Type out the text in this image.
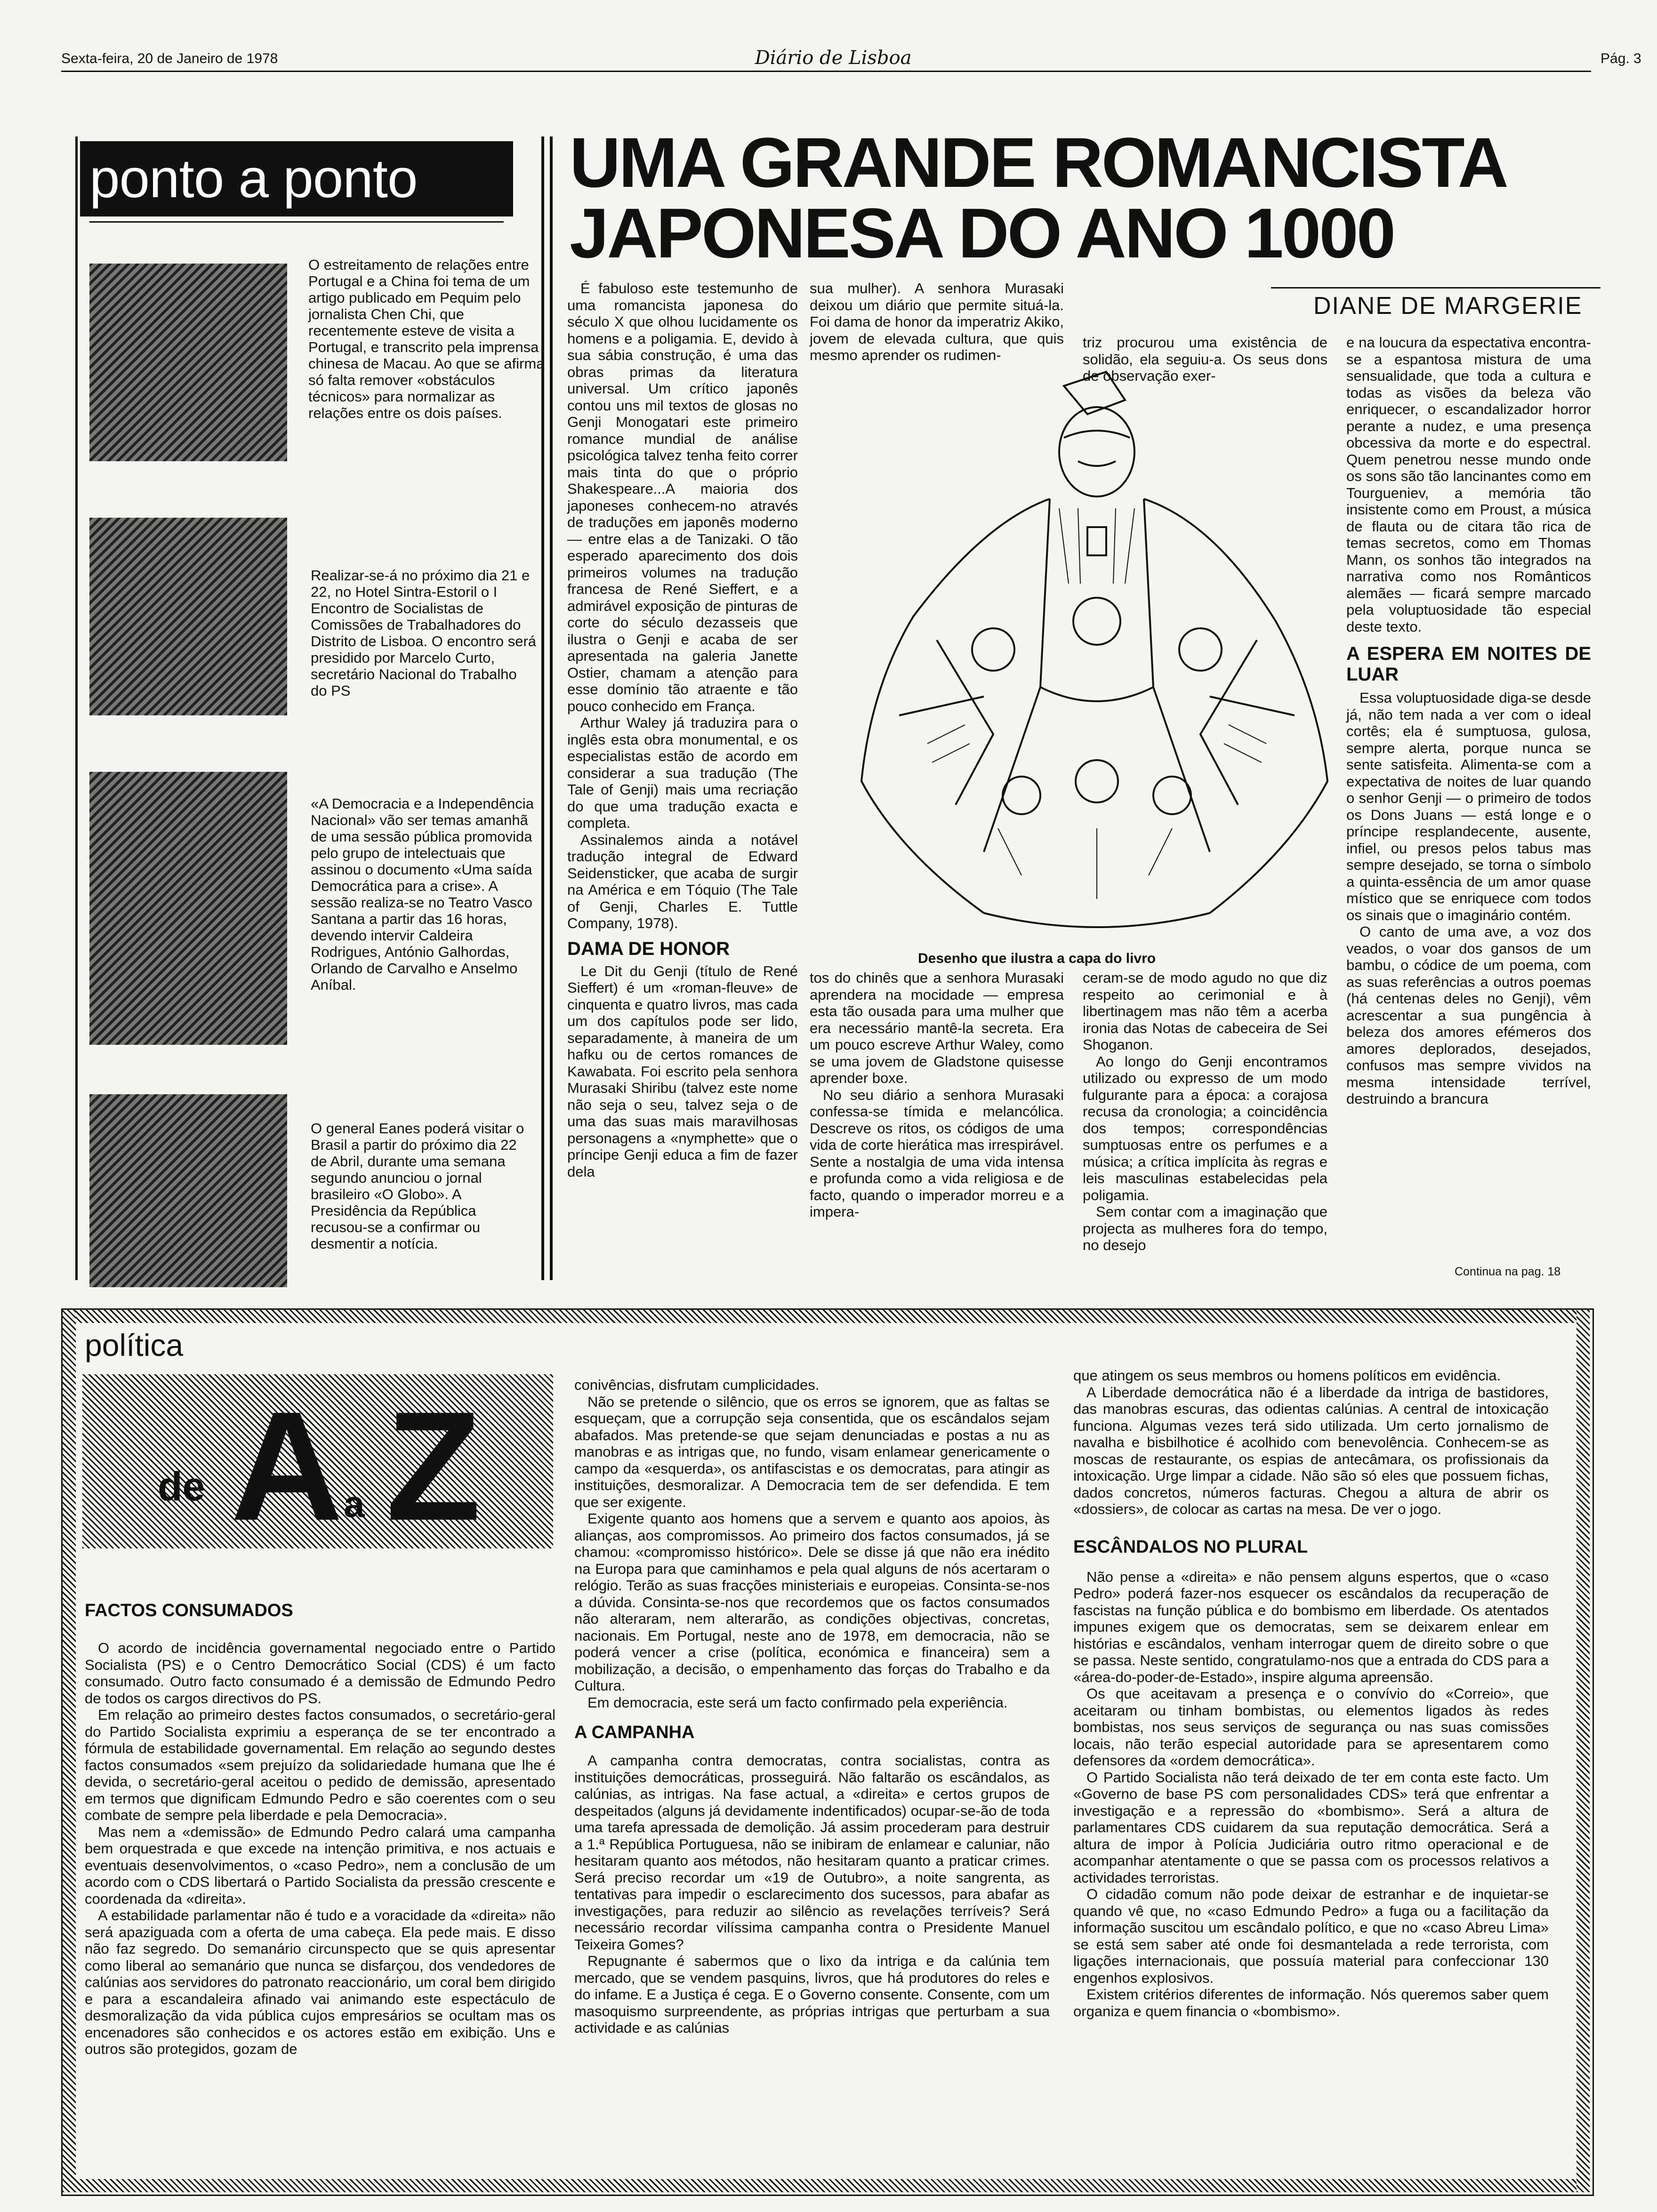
Sexta-feira, 20 de Janeiro de 1978	Diário de Lisboa	Pág. 3
ponto a ponto
O estreitamento de relações entre Portugal e a China foi tema de um artigo publicado em Pequim pelo jornalista Chen Chi, que recentemente esteve de visita a Portugal, e transcrito pela imprensa chinesa de Macau. Ao que se afirma só falta remover «obstáculos técnicos» para normalizar as relações entre os dois países.
Realizar-se-á no próximo dia 21 e 22, no Hotel Sintra-Estoril o I Encontro de Socialistas de Comissões de Trabalhadores do Distrito de Lisboa. O encontro será presidido por Marcelo Curto, secretário Nacional do Trabalho do PS
«A Democracia e a Independência Nacional» vão ser temas amanhã de uma sessão pública promovida pelo grupo de intelectuais que assinou o documento «Uma saída Democrática para a crise». A sessão realiza-se no Teatro Vasco Santana a partir das 16 horas, devendo intervir Caldeira Rodrigues, António Galhordas, Orlando de Carvalho e Anselmo Aníbal.
O general Eanes poderá visitar o Brasil a partir do próximo dia 22 de Abril, durante uma semana segundo anunciou o jornal brasileiro «O Globo». A Presidência da República recusou-se a confirmar ou desmentir a notícia.
UMA GRANDE ROMANCISTA JAPONESA DO ANO 1000
DIANE DE MARGERIE

É fabuloso este testemunho de uma romancista japonesa do século X que olhou lucidamente os homens e a poligamia. E, devido à sua sábia construção, é uma das obras primas da literatura universal. Um crítico japonês contou uns mil textos de glosas no Genji Monogatari este primeiro romance mundial de análise psicológica talvez tenha feito correr mais tinta do que o próprio Shakespeare...A maioria dos japoneses conhecem-no através de traduções em japonês moderno — entre elas a de Tanizaki. O tão esperado aparecimento dos dois primeiros volumes na tradução francesa de René Sieffert, e a admirável exposição de pinturas de corte do século dezasseis que ilustra o Genji e acaba de ser apresentada na galeria Janette Ostier, chamam a atenção para esse domínio tão atraente e tão pouco conhecido em França.

Arthur Waley já traduzira para o inglês esta obra monumental, e os especialistas estão de acordo em considerar a sua tradução (The Tale of Genji) mais uma recriação do que uma tradução exacta e completa.

Assinalemos ainda a notável tradução integral de Edward Seidensticker, que acaba de surgir na América e em Tóquio (The Tale of Genji, Charles E. Tuttle Company, 1978).

DAMA DE HONOR

Le Dit du Genji (título de René Sieffert) é um «roman-fleuve» de cinquenta e quatro livros, mas cada um dos capítulos pode ser lido, separadamente, à maneira de um hafku ou de certos romances de Kawabata. Foi escrito pela senhora Murasaki Shiribu (talvez este nome não seja o seu, talvez seja o de uma das suas mais maravilhosas personagens a «nymphette» que o príncipe Genji educa a fim de fazer dela

sua mulher). A senhora Murasaki deixou um diário que permite situá-la. Foi dama de honor da imperatriz Akiko, jovem de elevada cultura, que quis mesmo aprender os rudimen-

triz procurou uma existência de solidão, ela seguiu-a. Os seus dons de observação exer-

Desenho que ilustra a capa do livro

tos do chinês que a senhora Murasaki aprendera na mocidade — empresa esta tão ousada para uma mulher que era necessário mantê-la secreta. Era um pouco escreve Arthur Waley, como se uma jovem de Gladstone quisesse aprender boxe.

No seu diário a senhora Murasaki confessa-se tímida e melancólica. Descreve os ritos, os códigos de uma vida de corte hierática mas irrespirável. Sente a nostalgia de uma vida intensa e profunda como a vida religiosa e de facto, quando o imperador morreu e a impera-

ceram-se de modo agudo no que diz respeito ao cerimonial e à libertinagem mas não têm a acerba ironia das Notas de cabeceira de Sei Shoganon.

Ao longo do Genji encontramos utilizado ou expresso de um modo fulgurante para a época: a corajosa recusa da cronologia; a coincidência dos tempos; correspondências sumptuosas entre os perfumes e a música; a crítica implícita às regras e leis masculinas estabelecidas pela poligamia.

Sem contar com a imaginação que projecta as mulheres fora do tempo, no desejo

e na loucura da espectativa encontra-se a espantosa mistura de uma sensualidade, que toda a cultura e todas as visões da beleza vão enriquecer, o escandalizador horror perante a nudez, e uma presença obcessiva da morte e do espectral. Quem penetrou nesse mundo onde os sons são tão lancinantes como em Tourgueniev, a memória tão insistente como em Proust, a música de flauta ou de citara tão rica de temas secretos, como em Thomas Mann, os sonhos tão integrados na narrativa como nos Românticos alemães — ficará sempre marcado pela voluptuosidade tão especial deste texto.

A ESPERA EM NOITES DE LUAR

Essa voluptuosidade diga-se desde já, não tem nada a ver com o ideal cortês; ela é sumptuosa, gulosa, sempre alerta, porque nunca se sente satisfeita. Alimenta-se com a expectativa de noites de luar quando o senhor Genji — o primeiro de todos os Dons Juans — está longe e o príncipe resplandecente, ausente, infiel, ou presos pelos tabus mas sempre desejado, se torna o símbolo a quinta-essência de um amor quase místico que se enriquece com todos os sinais que o imaginário contém.

O canto de uma ave, a voz dos veados, o voar dos gansos de um bambu, o códice de um poema, com as suas referências a outros poemas (há centenas deles no Genji), vêm acrescentar a sua pungência à beleza dos amores efémeros dos amores deplorados, desejados, confusos mas sempre vividos na mesma intensidade terrível, destruindo a brancura

Continua na pag. 18
política
de A a Z
FACTOS CONSUMADOS

O acordo de incidência governamental negociado entre o Partido Socialista (PS) e o Centro Democrático Social (CDS) é um facto consumado. Outro facto consumado é a demissão de Edmundo Pedro de todos os cargos directivos do PS.

Em relação ao primeiro destes factos consumados, o secretário-geral do Partido Socialista exprimiu a esperança de se ter encontrado a fórmula de estabilidade governamental. Em relação ao segundo destes factos consumados «sem prejuízo da solidariedade humana que lhe é devida, o secretário-geral aceitou o pedido de demissão, apresentado em termos que dignificam Edmundo Pedro e são coerentes com o seu combate de sempre pela liberdade e pela Democracia».

Mas nem a «demissão» de Edmundo Pedro calará uma campanha bem orquestrada e que excede na intenção primitiva, e nos actuais e eventuais desenvolvimentos, o «caso Pedro», nem a conclusão de um acordo com o CDS libertará o Partido Socialista da pressão crescente e coordenada da «direita».

A estabilidade parlamentar não é tudo e a voracidade da «direita» não será apaziguada com a oferta de uma cabeça. Ela pede mais. E disso não faz segredo. Do semanário circunspecto que se quis apresentar como liberal ao semanário que nunca se disfarçou, dos vendedores de calúnias aos servidores do patronato reaccionário, um coral bem dirigido e para a escandaleira afinado vai animando este espectáculo de desmoralização da vida pública cujos empresários se ocultam mas os encenadores são conhecidos e os actores estão em exibição. Uns e outros são protegidos, gozam de

conivências, disfrutam cumplicidades.

Não se pretende o silêncio, que os erros se ignorem, que as faltas se esqueçam, que a corrupção seja consentida, que os escândalos sejam abafados. Mas pretende-se que sejam denunciadas e postas a nu as manobras e as intrigas que, no fundo, visam enlamear genericamente o campo da «esquerda», os antifascistas e os democratas, para atingir as instituições, desmoralizar. A Democracia tem de ser defendida. E tem que ser exigente.

Exigente quanto aos homens que a servem e quanto aos apoios, às alianças, aos compromissos. Ao primeiro dos factos consumados, já se chamou: «compromisso histórico». Dele se disse já que não era inédito na Europa para que caminhamos e pela qual alguns de nós acertaram o relógio. Terão as suas fracções ministeriais e europeias. Consinta-se-nos a dúvida. Consinta-se-nos que recordemos que os factos consumados não alteraram, nem alterarão, as condições objectivas, concretas, nacionais. Em Portugal, neste ano de 1978, em democracia, não se poderá vencer a crise (política, económica e financeira) sem a mobilização, a decisão, o empenhamento das forças do Trabalho e da Cultura.

Em democracia, este será um facto confirmado pela experiência.

A CAMPANHA

A campanha contra democratas, contra socialistas, contra as instituições democráticas, prosseguirá. Não faltarão os escândalos, as calúnias, as intrigas. Na fase actual, a «direita» e certos grupos de despeitados (alguns já devidamente indentificados) ocupar-se-ão de toda uma tarefa apressada de demolição. Já assim procederam para destruir a 1.ª República Portuguesa, não se inibiram de enlamear e caluniar, não hesitaram quanto aos métodos, não hesitaram quanto a praticar crimes. Será preciso recordar um «19 de Outubro», a noite sangrenta, as tentativas para impedir o esclarecimento dos sucessos, para abafar as investigações, para reduzir ao silêncio as revelações terríveis? Será necessário recordar vilíssima campanha contra o Presidente Manuel Teixeira Gomes?

Repugnante é sabermos que o lixo da intriga e da calúnia tem mercado, que se vendem pasquins, livros, que há produtores do reles e do infame. E a Justiça é cega. E o Governo consente. Consente, com um masoquismo surpreendente, as próprias intrigas que perturbam a sua actividade e as calúnias

que atingem os seus membros ou homens políticos em evidência.

A Liberdade democrática não é a liberdade da intriga de bastidores, das manobras escuras, das odientas calúnias. A central de intoxicação funciona. Algumas vezes terá sido utilizada. Um certo jornalismo de navalha e bisbilhotice é acolhido com benevolência. Conhecem-se as moscas de restaurante, os espias de antecâmara, os profissionais da intoxicação. Urge limpar a cidade. Não são só eles que possuem fichas, dados concretos, números facturas. Chegou a altura de abrir os «dossiers», de colocar as cartas na mesa. De ver o jogo.

ESCÂNDALOS NO PLURAL

Não pense a «direita» e não pensem alguns espertos, que o «caso Pedro» poderá fazer-nos esquecer os escândalos da recuperação de fascistas na função pública e do bombismo em liberdade. Os atentados impunes exigem que os democratas, sem se deixarem enlear em histórias e escândalos, venham interrogar quem de direito sobre o que se passa. Neste sentido, congratulamo-nos que a entrada do CDS para a «área-do-poder-de-Estado», inspire alguma apreensão.

Os que aceitavam a presença e o convívio do «Correio», que aceitaram ou tinham bombistas, ou elementos ligados às redes bombistas, nos seus serviços de segurança ou nas suas comissões locais, não terão especial autoridade para se apresentarem como defensores da «ordem democrática».

O Partido Socialista não terá deixado de ter em conta este facto. Um «Governo de base PS com personalidades CDS» terá que enfrentar a investigação e a repressão do «bombismo». Será a altura de parlamentares CDS cuidarem da sua reputação democrática. Será a altura de impor à Polícia Judiciária outro ritmo operacional e de acompanhar atentamente o que se passa com os processos relativos a actividades terroristas.

O cidadão comum não pode deixar de estranhar e de inquietar-se quando vê que, no «caso Edmundo Pedro» a fuga ou a facilitação da informação suscitou um escândalo político, e que no «caso Abreu Lima» se está sem saber até onde foi desmantelada a rede terrorista, com ligações internacionais, que possuía material para confeccionar 130 engenhos explosivos.

Existem critérios diferentes de informação. Nós queremos saber quem organiza e quem financia o «bombismo».
